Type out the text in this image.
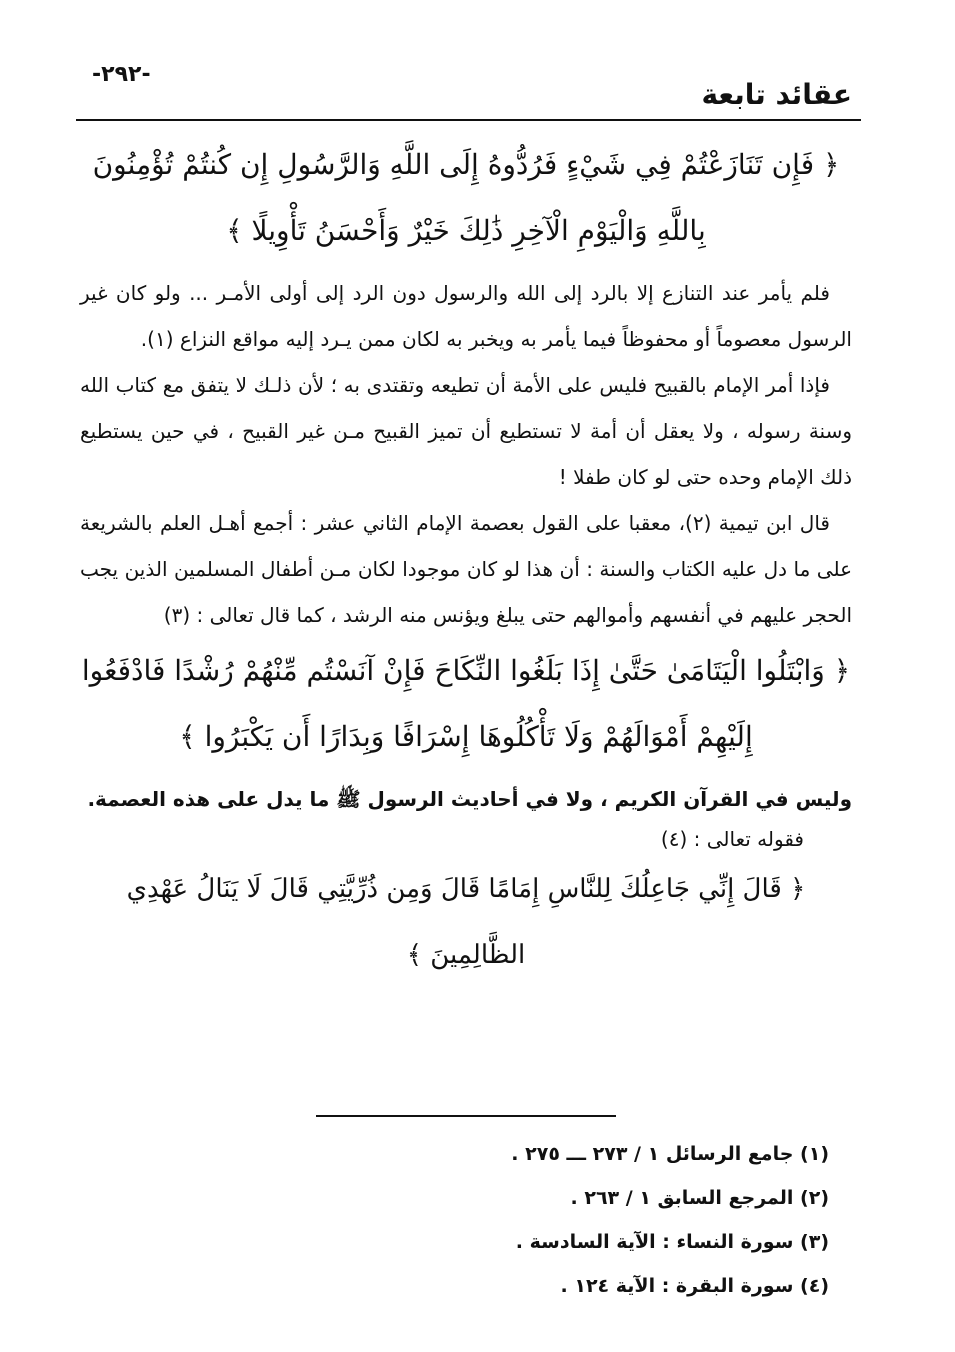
-٢٩٢-
عقائد تابعة

﴿ فَإِن تَنَازَعْتُمْ فِي شَيْءٍ فَرُدُّوهُ إِلَى اللَّهِ وَالرَّسُولِ إِن كُنتُمْ تُؤْمِنُونَ بِاللَّهِ وَالْيَوْمِ الْآخِرِ ذَٰلِكَ خَيْرٌ وَأَحْسَنُ تَأْوِيلًا ﴾

فلم يأمر عند التنازع إلا بالرد إلى الله والرسول دون الرد إلى أولى الأمـر ... ولو كان غير الرسول معصوماً أو محفوظاً فيما يأمر به ويخبر به لكان ممن يـرد إليه مواقع النزاع (١).

فإذا أمر الإمام بالقبيح فليس على الأمة أن تطيعه وتقتدى به ؛ لأن ذلـك لا يتفق مع كتاب الله وسنة رسوله ، ولا يعقل أن أمة لا تستطيع أن تميز القبيح مـن غير القبيح ، في حين يستطيع ذلك الإمام وحده حتى لو كان طفلا !

قال ابن تيمية (٢)، معقبا على القول بعصمة الإمام الثاني عشر : أجمع أهـل العلم بالشريعة على ما دل عليه الكتاب والسنة : أن هذا لو كان موجودا لكان مـن أطفال المسلمين الذين يجب الحجر عليهم في أنفسهم وأموالهم حتى يبلغ ويؤنس منه الرشد ، كما قال تعالى : (٣)

﴿ وَابْتَلُوا الْيَتَامَىٰ حَتَّىٰ إِذَا بَلَغُوا النِّكَاحَ فَإِنْ آنَسْتُم مِّنْهُمْ رُشْدًا فَادْفَعُوا إِلَيْهِمْ أَمْوَالَهُمْ وَلَا تَأْكُلُوهَا إِسْرَافًا وَبِدَارًا أَن يَكْبَرُوا ﴾

وليس في القرآن الكريم ، ولا في أحاديث الرسول ﷺ ما يدل على هذه العصمة.

فقوله تعالى : (٤)

﴿ قَالَ إِنِّي جَاعِلُكَ لِلنَّاسِ إِمَامًا قَالَ وَمِن ذُرِّيَّتِي قَالَ لَا يَنَالُ عَهْدِي الظَّالِمِينَ ﴾

(١) جامع الرسائل ١ / ٢٧٣ ـــ ٢٧٥ .
(٢) المرجع السابق ١ / ٢٦٣ .
(٣) سورة النساء : الآية السادسة .
(٤) سورة البقرة : الآية ١٢٤ .
